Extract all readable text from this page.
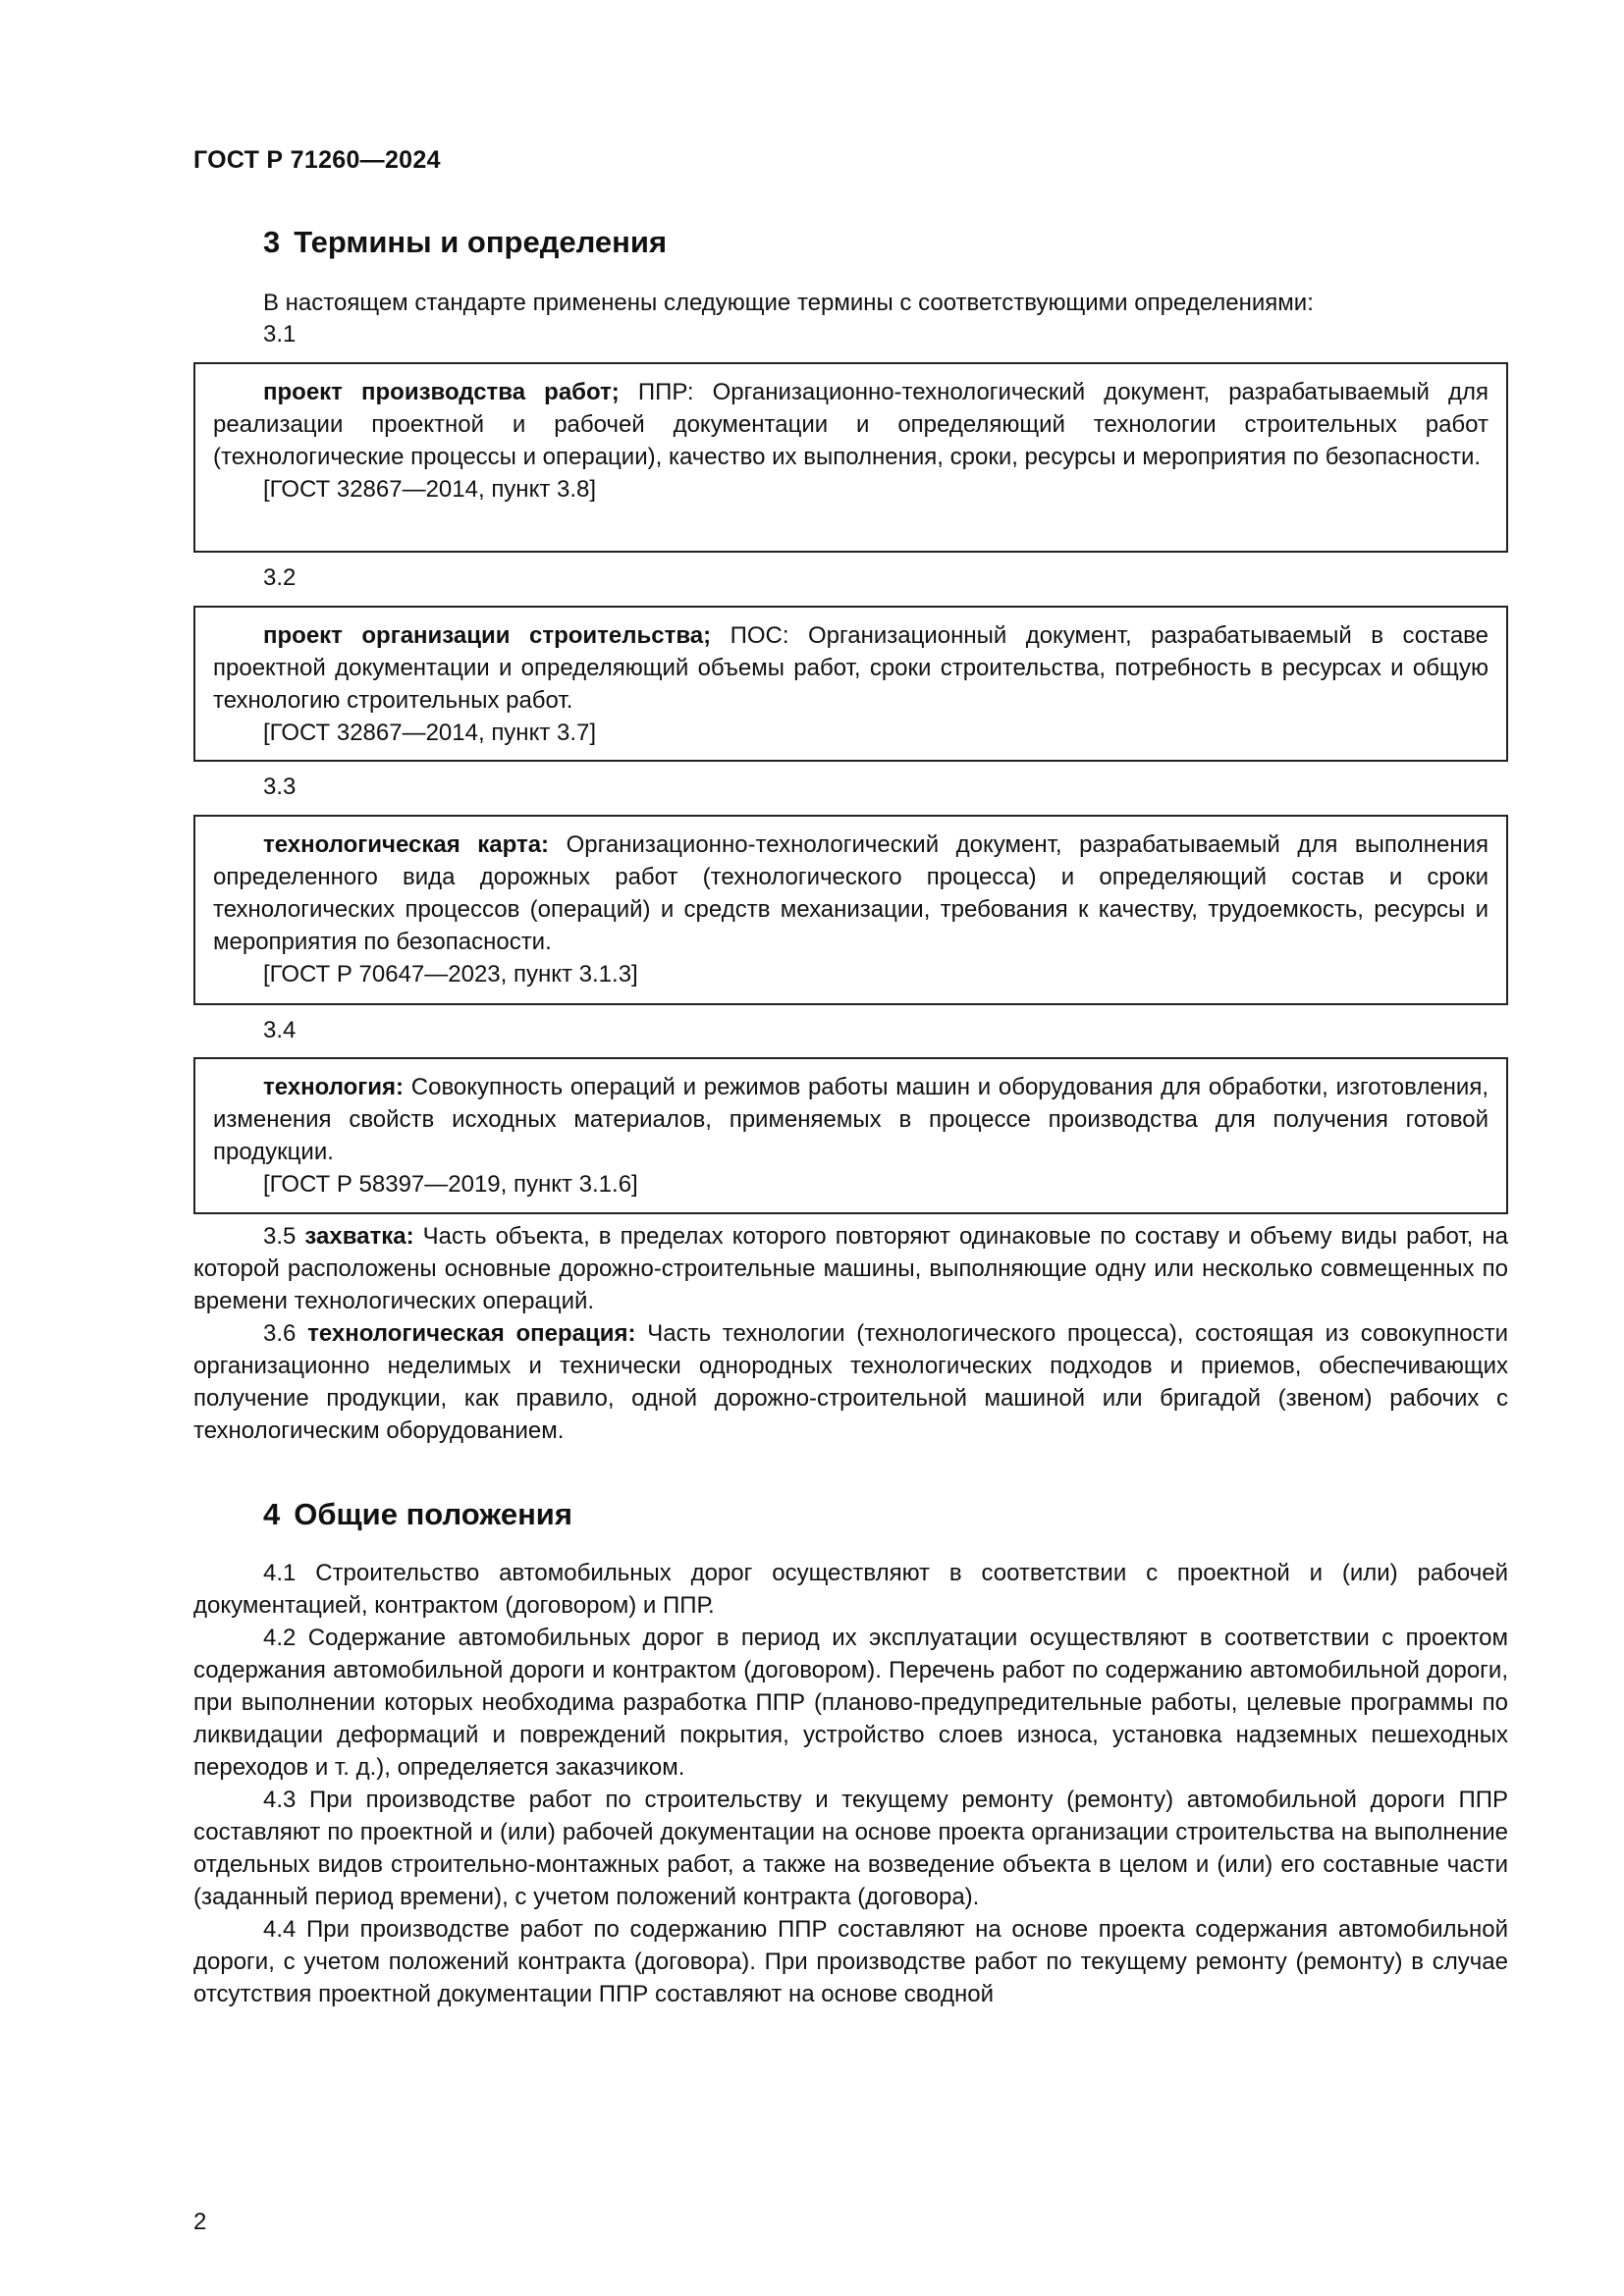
ГОСТ Р 71260—2024
3 Термины и определения
В настоящем стандарте применены следующие термины с соответствующими определениями:
3.1

проект производства работ; ППР: Организационно-технологический документ, разрабатываемый для реализации проектной и рабочей документации и определяющий технологии строительных работ (технологические процессы и операции), качество их выполнения, сроки, ресурсы и мероприятия по безопасности.

[ГОСТ 32867—2014, пункт 3.8]

3.2

проект организации строительства; ПОС: Организационный документ, разрабатываемый в составе проектной документации и определяющий объемы работ, сроки строительства, потребность в ресурсах и общую технологию строительных работ.

[ГОСТ 32867—2014, пункт 3.7]

3.3

технологическая карта: Организационно-технологический документ, разрабатываемый для выполнения определенного вида дорожных работ (технологического процесса) и определяющий состав и сроки технологических процессов (операций) и средств механизации, требования к качеству, трудоемкость, ресурсы и мероприятия по безопасности.

[ГОСТ Р 70647—2023, пункт 3.1.3]

3.4

технология: Совокупность операций и режимов работы машин и оборудования для обработки, изготовления, изменения свойств исходных материалов, применяемых в процессе производства для получения готовой продукции.

[ГОСТ Р 58397—2019, пункт 3.1.6]

3.5 захватка: Часть объекта, в пределах которого повторяют одинаковые по составу и объему виды работ, на которой расположены основные дорожно-строительные машины, выполняющие одну или несколько совмещенных по времени технологических операций.

3.6 технологическая операция: Часть технологии (технологического процесса), состоящая из совокупности организационно неделимых и технически однородных технологических подходов и приемов, обеспечивающих получение продукции, как правило, одной дорожно-строительной машиной или бригадой (звеном) рабочих с технологическим оборудованием.

4 Общие положения

4.1 Строительство автомобильных дорог осуществляют в соответствии с проектной и (или) рабочей документацией, контрактом (договором) и ППР.

4.2 Содержание автомобильных дорог в период их эксплуатации осуществляют в соответствии с проектом содержания автомобильной дороги и контрактом (договором). Перечень работ по содержанию автомобильной дороги, при выполнении которых необходима разработка ППР (планово-предупредительные работы, целевые программы по ликвидации деформаций и повреждений покрытия, устройство слоев износа, установка надземных пешеходных переходов и т. д.), определяется заказчиком.

4.3 При производстве работ по строительству и текущему ремонту (ремонту) автомобильной дороги ППР составляют по проектной и (или) рабочей документации на основе проекта организации строительства на выполнение отдельных видов строительно-монтажных работ, а также на возведение объекта в целом и (или) его составные части (заданный период времени), с учетом положений контракта (договора).

4.4 При производстве работ по содержанию ППР составляют на основе проекта содержания автомобильной дороги, с учетом положений контракта (договора). При производстве работ по текущему ремонту (ремонту) в случае отсутствия проектной документации ППР составляют на основе сводной

2
